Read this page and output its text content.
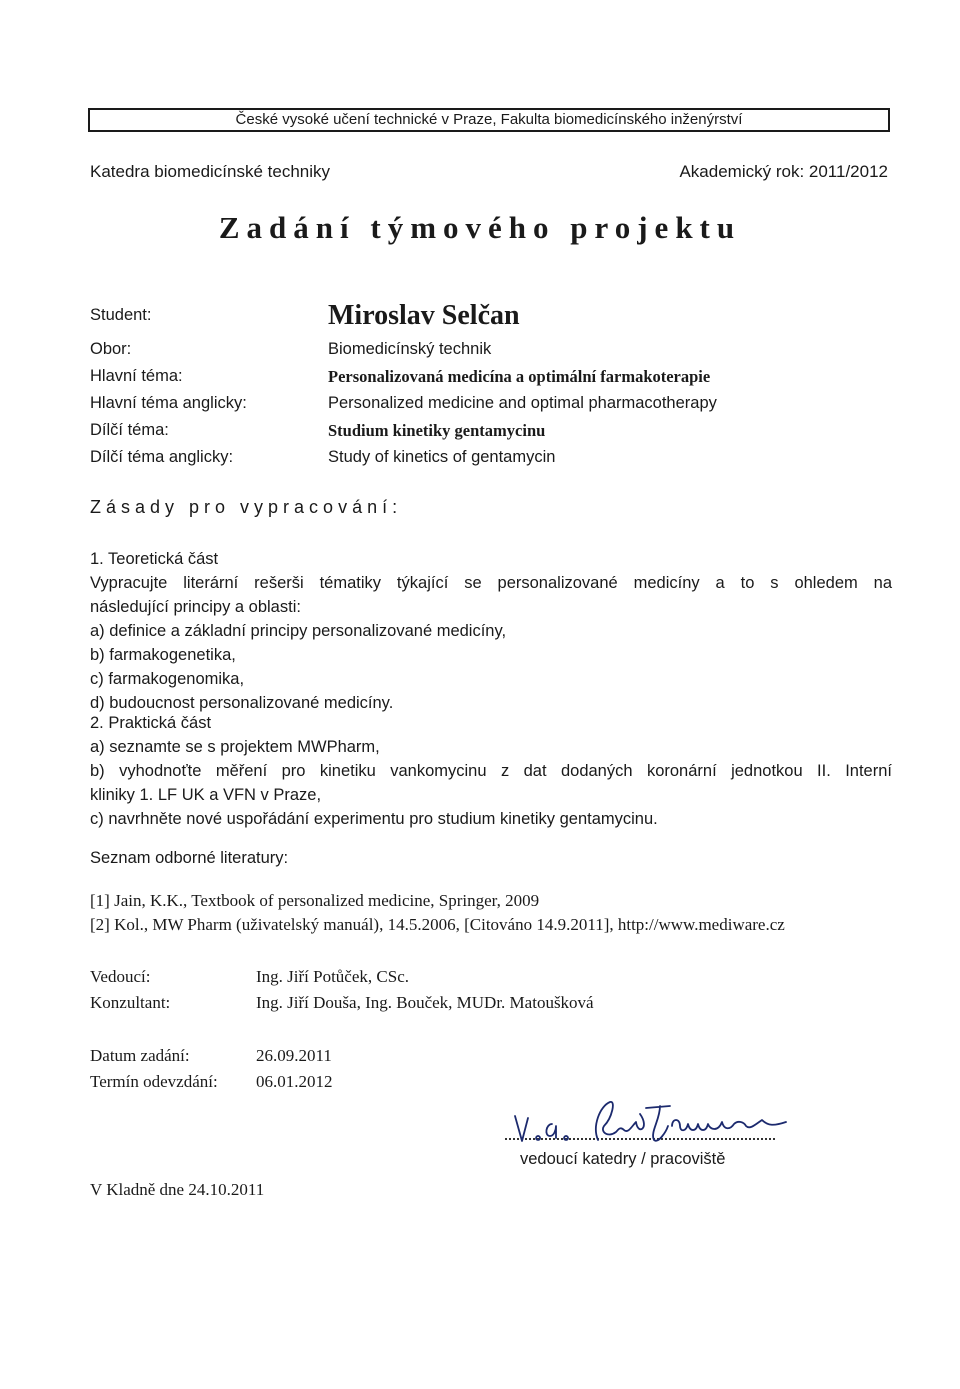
České vysoké učení technické v Praze, Fakulta biomedicínského inženýrství
Katedra biomedicínské techniky	Akademický rok: 2011/2012
Zadání týmového projektu
Student:	Miroslav Selčan
Obor:	Biomedicínský technik
Hlavní téma:	Personalizovaná medicína a optimální farmakoterapie
Hlavní téma anglicky:	Personalized medicine and optimal pharmacotherapy
Dílčí téma:	Studium kinetiky gentamycinu
Dílčí téma anglicky:	Study of kinetics of gentamycin
Zásady pro vypracování:
1. Teoretická část
Vypracujte literární rešerši tématiky týkající se personalizované medicíny a to s ohledem na
následující principy a oblasti:
a) definice a základní principy personalizované medicíny,
b) farmakogenetika,
c) farmakogenomika,
d) budoucnost personalizované medicíny.
2. Praktická část
a) seznamte se s projektem MWPharm,
b) vyhodnoťte měření pro kinetiku vankomycinu z dat dodaných koronární jednotkou II. Interní
kliniky 1. LF UK a VFN v Praze,
c) navrhněte nové uspořádání experimentu pro studium kinetiky gentamycinu.
Seznam odborné literatury:
[1] Jain, K.K., Textbook of personalized medicine, Springer, 2009
[2] Kol., MW Pharm (uživatelský manuál), 14.5.2006, [Citováno 14.9.2011], http://www.mediware.cz
Vedoucí:	Ing. Jiří Potůček, CSc.
Konzultant:	Ing. Jiří Douša, Ing. Bouček, MUDr. Matoušková
Datum zadání:	26.09.2011
Termín odevzdání: 06.01.2012
vedoucí katedry / pracoviště
V Kladně dne 24.10.2011
